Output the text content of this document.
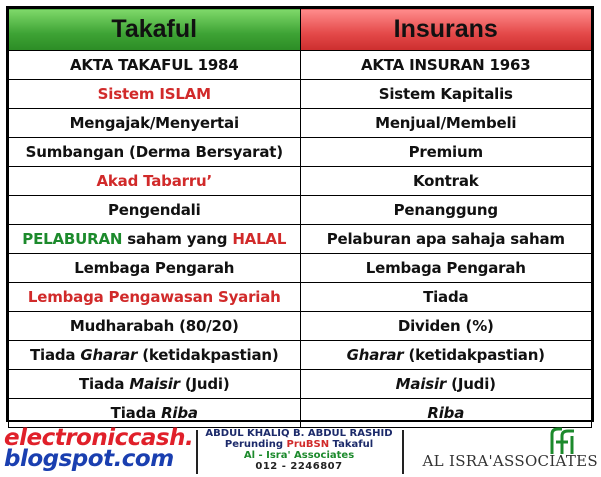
Takaful	Insurans
AKTA TAKAFUL 1984	AKTA INSURAN 1963
Sistem ISLAM	Sistem Kapitalis
Mengajak/Menyertai	Menjual/Membeli
Sumbangan (Derma Bersyarat)	Premium
Akad Tabarru’	Kontrak
Pengendali	Penanggung
PELABURAN saham yang HALAL	Pelaburan apa sahaja saham
Lembaga Pengarah	Lembaga Pengarah
Lembaga Pengawasan Syariah	Tiada
Mudharabah (80/20)	Dividen (%)
Tiada Gharar (ketidakpastian)	Gharar (ketidakpastian)
Tiada Maisir (Judi)	Maisir (Judi)
Tiada Riba	Riba
electroniccash.
blogspot.com
ABDUL KHALIQ B. ABDUL RASHID
Perunding PruBSN Takaful
Al - Isra' Associates
012 - 2246807	AL ISRA'ASSOCIATES
